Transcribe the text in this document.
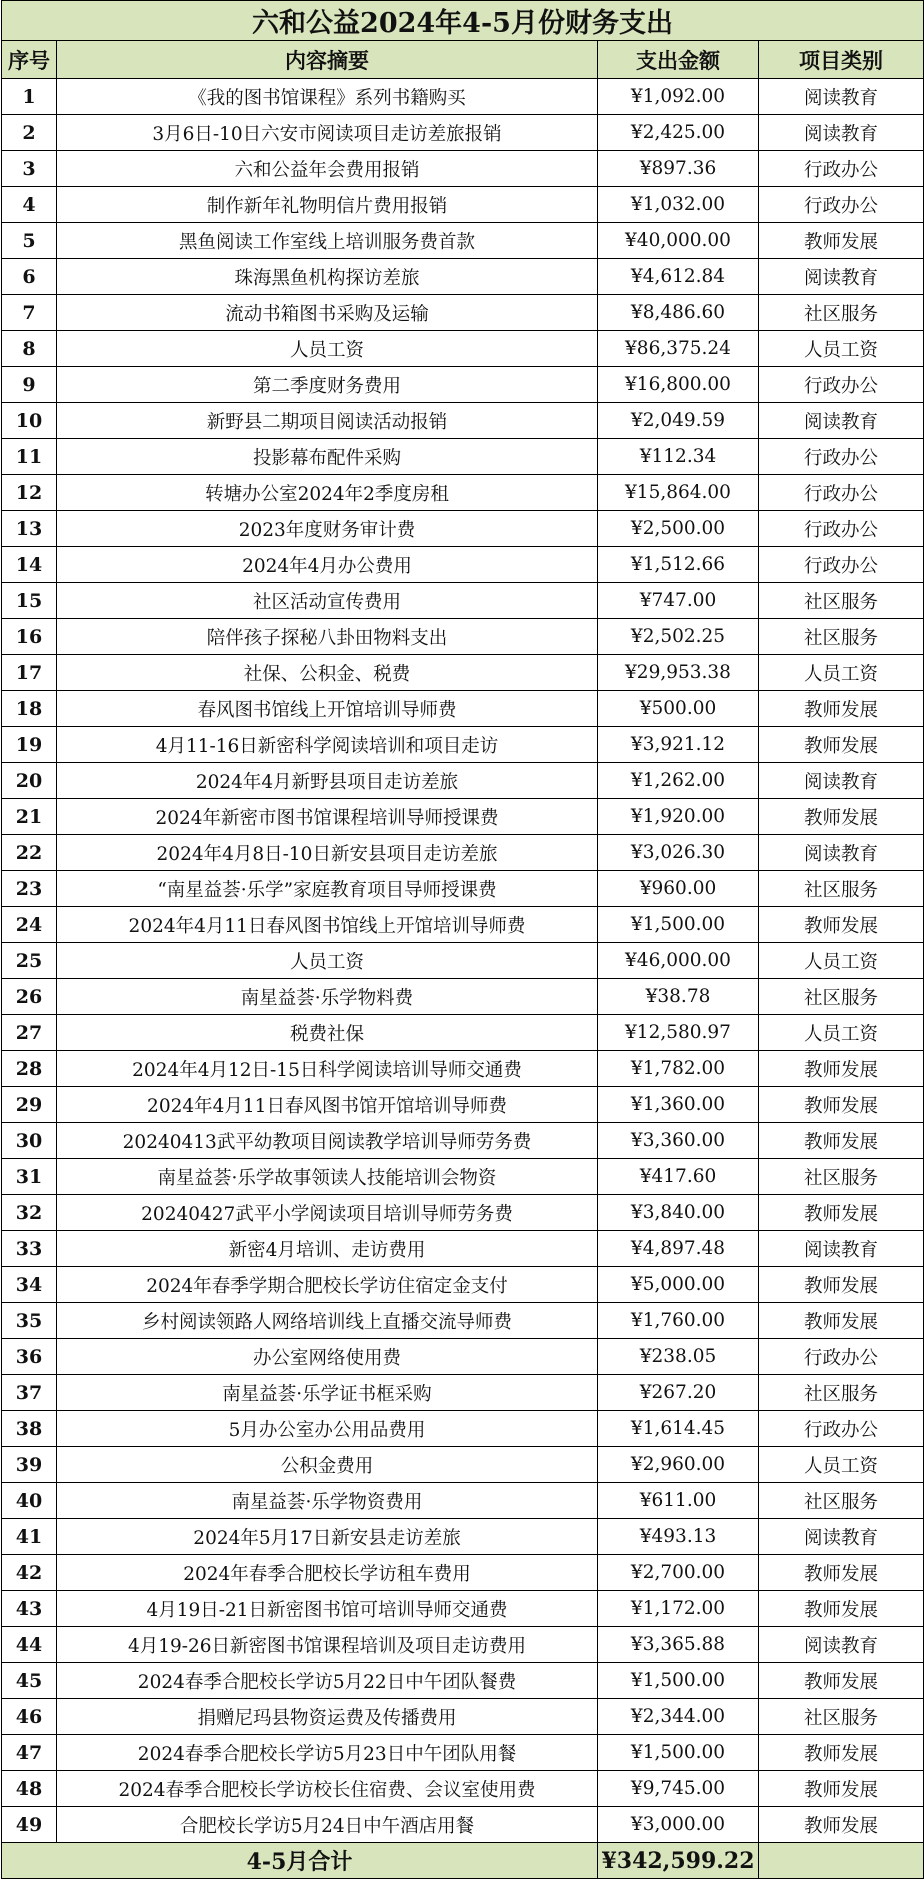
六和公益2024年4-5月份财务支出			
序号	内容摘要	支出金额	项目类别
1	《我的图书馆课程》系列书籍购买	¥1,092.00	阅读教育
2	3月6日-10日六安市阅读项目走访差旅报销	¥2,425.00	阅读教育
3	六和公益年会费用报销	¥897.36	行政办公
4	制作新年礼物明信片费用报销	¥1,032.00	行政办公
5	黑鱼阅读工作室线上培训服务费首款	¥40,000.00	教师发展
6	珠海黑鱼机构探访差旅	¥4,612.84	阅读教育
7	流动书箱图书采购及运输	¥8,486.60	社区服务
8	人员工资	¥86,375.24	人员工资
9	第二季度财务费用	¥16,800.00	行政办公
10	新野县二期项目阅读活动报销	¥2,049.59	阅读教育
11	投影幕布配件采购	¥112.34	行政办公
12	转塘办公室2024年2季度房租	¥15,864.00	行政办公
13	2023年度财务审计费	¥2,500.00	行政办公
14	2024年4月办公费用	¥1,512.66	行政办公
15	社区活动宣传费用	¥747.00	社区服务
16	陪伴孩子探秘八卦田物料支出	¥2,502.25	社区服务
17	社保、公积金、税费	¥29,953.38	人员工资
18	春风图书馆线上开馆培训导师费	¥500.00	教师发展
19	4月11-16日新密科学阅读培训和项目走访	¥3,921.12	教师发展
20	2024年4月新野县项目走访差旅	¥1,262.00	阅读教育
21	2024年新密市图书馆课程培训导师授课费	¥1,920.00	教师发展
22	2024年4月8日-10日新安县项目走访差旅	¥3,026.30	阅读教育
23	“南星益荟·乐学”家庭教育项目导师授课费	¥960.00	社区服务
24	2024年4月11日春风图书馆线上开馆培训导师费	¥1,500.00	教师发展
25	人员工资	¥46,000.00	人员工资
26	南星益荟·乐学物料费	¥38.78	社区服务
27	税费社保	¥12,580.97	人员工资
28	2024年4月12日-15日科学阅读培训导师交通费	¥1,782.00	教师发展
29	2024年4月11日春风图书馆开馆培训导师费	¥1,360.00	教师发展
30	20240413武平幼教项目阅读教学培训导师劳务费	¥3,360.00	教师发展
31	南星益荟·乐学故事领读人技能培训会物资	¥417.60	社区服务
32	20240427武平小学阅读项目培训导师劳务费	¥3,840.00	教师发展
33	新密4月培训、走访费用	¥4,897.48	阅读教育
34	2024年春季学期合肥校长学访住宿定金支付	¥5,000.00	教师发展
35	乡村阅读领路人网络培训线上直播交流导师费	¥1,760.00	教师发展
36	办公室网络使用费	¥238.05	行政办公
37	南星益荟·乐学证书框采购	¥267.20	社区服务
38	5月办公室办公用品费用	¥1,614.45	行政办公
39	公积金费用	¥2,960.00	人员工资
40	南星益荟·乐学物资费用	¥611.00	社区服务
41	2024年5月17日新安县走访差旅	¥493.13	阅读教育
42	2024年春季合肥校长学访租车费用	¥2,700.00	教师发展
43	4月19日-21日新密图书馆可培训导师交通费	¥1,172.00	教师发展
44	4月19-26日新密图书馆课程培训及项目走访费用	¥3,365.88	阅读教育
45	2024春季合肥校长学访5月22日中午团队餐费	¥1,500.00	教师发展
46	捐赠尼玛县物资运费及传播费用	¥2,344.00	社区服务
47	2024春季合肥校长学访5月23日中午团队用餐	¥1,500.00	教师发展
48	2024春季合肥校长学访校长住宿费、会议室使用费	¥9,745.00	教师发展
49	合肥校长学访5月24日中午酒店用餐	¥3,000.00	教师发展
4-5月合计		¥342,599.22	
